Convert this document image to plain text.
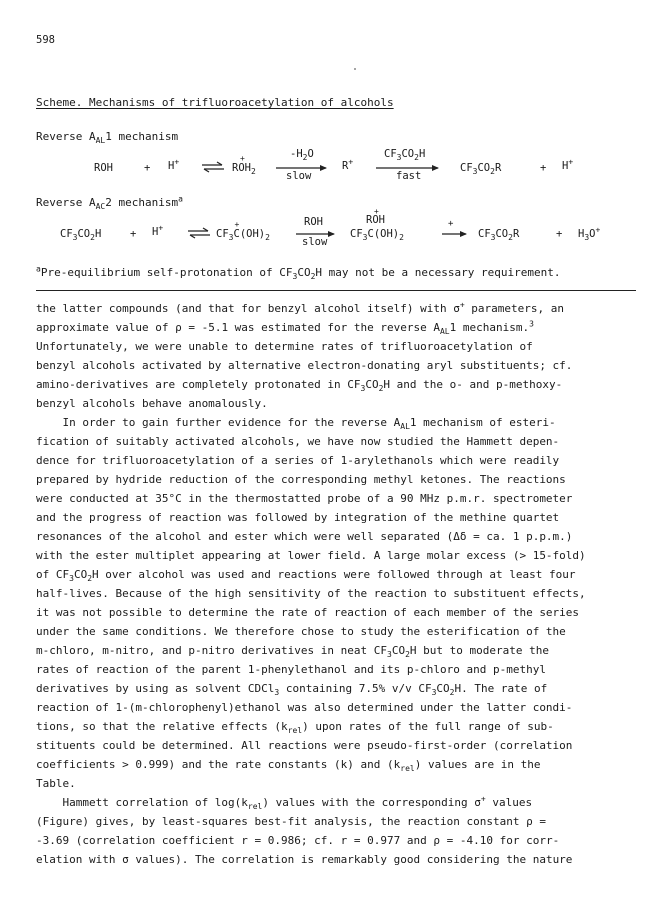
598
Scheme. Mechanisms of trifluoroacetylation of alcohols
Reverse $A_{AL}1$ mechanism
ROH	+ H+ ⇌ ROH
+
$_2$
$-H_2O$
slow
R+
$CF_3CO_2H$
fast
$CF_3CO_2R$	+ H+
Reverse $A_{AC}2$ mechanism$^a$
$CF_3CO_2H$	+ H+ ⇌ $CF_3C$
+
$(OH)_2$
ROH
slow
ROH
+
$CF_3C(OH)_2$
+
$CF_3CO_2R$	+ $H_3O^+$
$^a$Pre-equilibrium self-protonation of $CF_3CO_2H$ may not be a necessary requirement.
the latter compounds (and that for benzyl alcohol itself) with σ+ parameters, an
approximate value of ρ = -5.1 was estimated for the reverse $A_{AL}1$ mechanism.$^3$
Unfortunately, we were unable to determine rates of trifluoroacetylation of
benzyl alcohols activated by alternative electron-donating aryl substituents; cf.
amino-derivatives are completely protonated in $CF_3CO_2H$ and the o- and p-methoxy-
benzyl alcohols behave anomalously.
In order to gain further evidence for the reverse $A_{AL}1$ mechanism of esteri-
fication of suitably activated alcohols, we have now studied the Hammett depen-
dence for trifluoroacetylation of a series of 1-arylethanols which were readily
prepared by hydride reduction of the corresponding methyl ketones. The reactions
were conducted at 35°C in the thermostatted probe of a 90 MHz p.m.r. spectrometer
and the progress of reaction was followed by integration of the methine quartet
resonances of the alcohol and ester which were well separated (Δδ = ca. 1 p.p.m.)
with the ester multiplet appearing at lower field. A large molar excess (> 15-fold)
of $CF_3CO_2H$ over alcohol was used and reactions were followed through at least four
half-lives. Because of the high sensitivity of the reaction to substituent effects,
it was not possible to determine the rate of reaction of each member of the series
under the same conditions. We therefore chose to study the esterification of the
m-chloro, m-nitro, and p-nitro derivatives in neat $CF_3CO_2H$ but to moderate the
rates of reaction of the parent 1-phenylethanol and its p-chloro and p-methyl
derivatives by using as solvent CDCl$_3$ containing 7.5% v/v $CF_3CO_2H$. The rate of
reaction of 1-(m-chlorophenyl)ethanol was also determined under the latter condi-
tions, so that the relative effects $(k_{rel})$ upon rates of the full range of sub-
stituents could be determined. All reactions were pseudo-first-order (correlation
coefficients > 0.999) and the rate constants (k) and $(k_{rel})$ values are in the
Table.
Hammett correlation of $\log(k_{rel})$ values with the corresponding σ+ values
(Figure) gives, by least-squares best-fit analysis, the reaction constant ρ =
-3.69 (correlation coefficient r = 0.986; cf. r = 0.977 and ρ = -4.10 for corr-
elation with σ values). The correlation is remarkably good considering the nature
